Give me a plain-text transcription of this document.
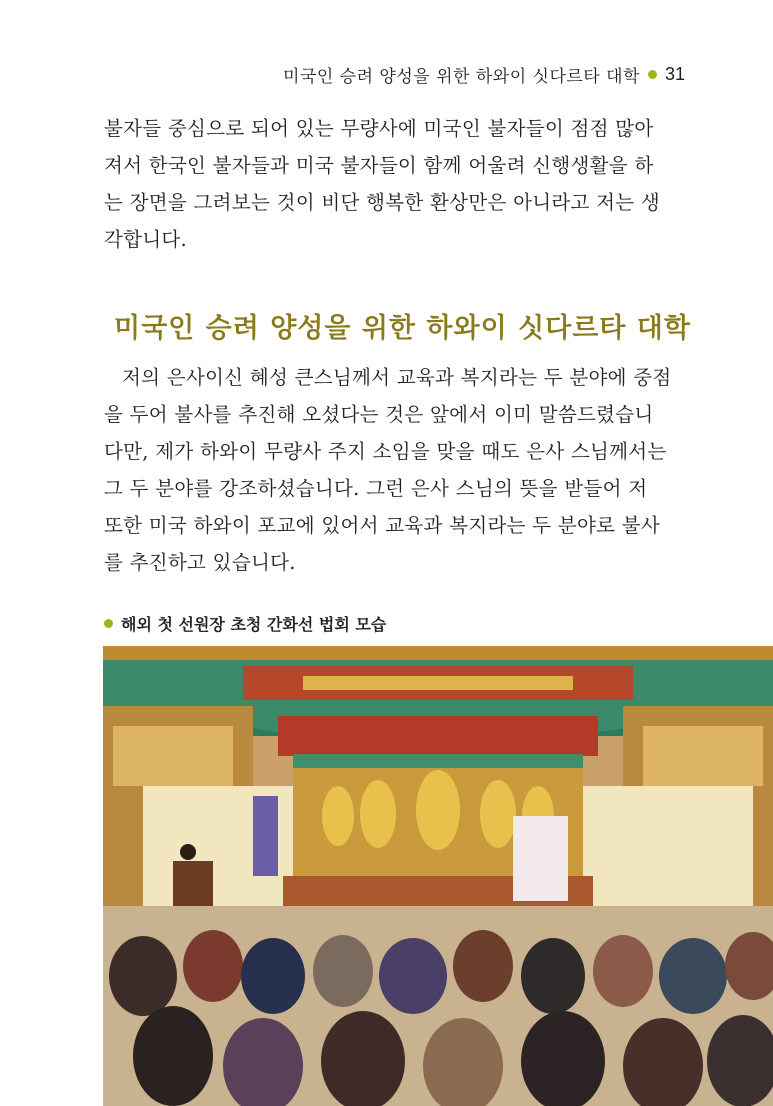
미국인 승려 양성을 위한 하와이 싯다르타 대학 31

불자들 중심으로 되어 있는 무량사에 미국인 불자들이 점점 많아
져서 한국인 불자들과 미국 불자들이 함께 어울려 신행생활을 하
는 장면을 그려보는 것이 비단 행복한 환상만은 아니라고 저는 생
각합니다.

미국인 승려 양성을 위한 하와이 싯다르타 대학

저의 은사이신 혜성 큰스님께서 교육과 복지라는 두 분야에 중점
을 두어 불사를 추진해 오셨다는 것은 앞에서 이미 말씀드렸습니
다만, 제가 하와이 무량사 주지 소임을 맞을 때도 은사 스님께서는
그 두 분야를 강조하셨습니다. 그런 은사 스님의 뜻을 받들어 저
또한 미국 하와이 포교에 있어서 교육과 복지라는 두 분야로 불사
를 추진하고 있습니다.

해외 첫 선원장 초청 간화선 법회 모습
